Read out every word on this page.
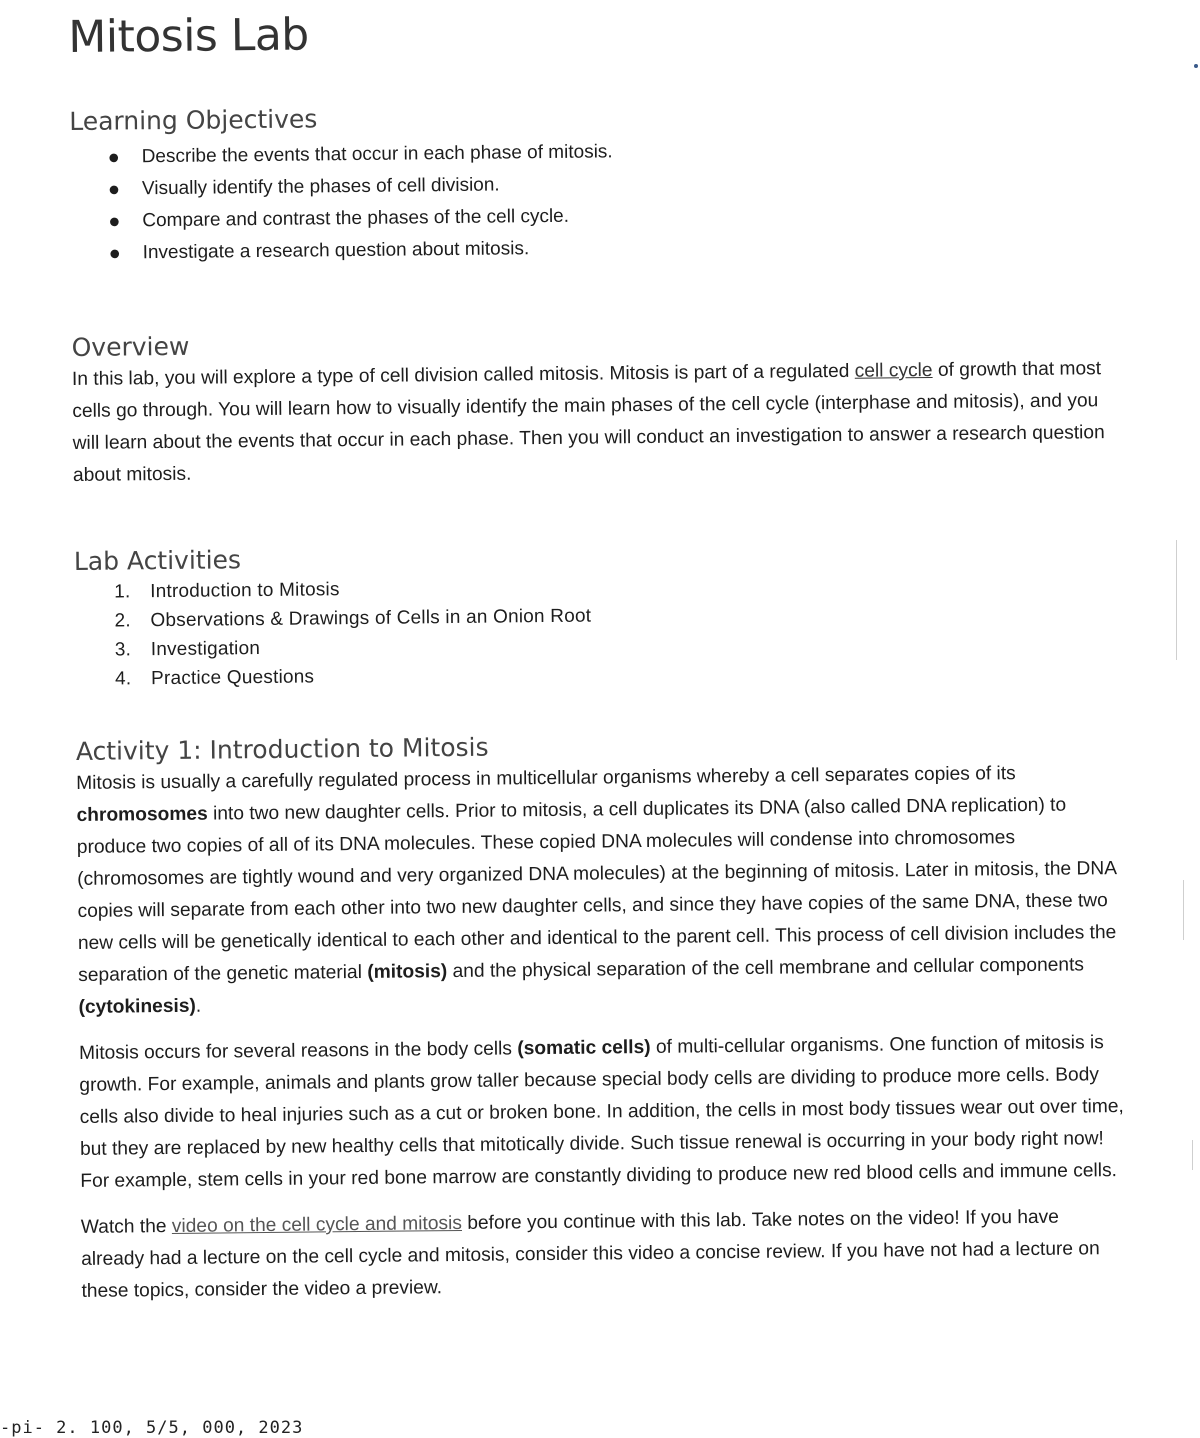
Mitosis Lab
Learning Objectives
● Describe the events that occur in each phase of mitosis.
● Visually identify the phases of cell division.
● Compare and contrast the phases of the cell cycle.
● Investigate a research question about mitosis.
Overview

In this lab, you will explore a type of cell division called mitosis. Mitosis is part of a regulated cell cycle of growth that most cells go through. You will learn how to visually identify the main phases of the cell cycle (interphase and mitosis), and you will learn about the events that occur in each phase. Then you will conduct an investigation to answer a research question about mitosis.

Lab Activities
1. Introduction to Mitosis
2. Observations & Drawings of Cells in an Onion Root
3. Investigation
4. Practice Questions
Activity 1: Introduction to Mitosis

Mitosis is usually a carefully regulated process in multicellular organisms whereby a cell separates copies of its chromosomes into two new daughter cells. Prior to mitosis, a cell duplicates its DNA (also called DNA replication) to produce two copies of all of its DNA molecules. These copied DNA molecules will condense into chromosomes (chromosomes are tightly wound and very organized DNA molecules) at the beginning of mitosis. Later in mitosis, the DNA copies will separate from each other into two new daughter cells, and since they have copies of the same DNA, these two new cells will be genetically identical to each other and identical to the parent cell. This process of cell division includes the separation of the genetic material (mitosis) and the physical separation of the cell membrane and cellular components (cytokinesis).

Mitosis occurs for several reasons in the body cells (somatic cells) of multi-cellular organisms. One function of mitosis is growth. For example, animals and plants grow taller because special body cells are dividing to produce more cells. Body cells also divide to heal injuries such as a cut or broken bone. In addition, the cells in most body tissues wear out over time, but they are replaced by new healthy cells that mitotically divide. Such tissue renewal is occurring in your body right now! For example, stem cells in your red bone marrow are constantly dividing to produce new red blood cells and immune cells.

Watch the video on the cell cycle and mitosis before you continue with this lab. Take notes on the video! If you have already had a lecture on the cell cycle and mitosis, consider this video a concise review. If you have not had a lecture on these topics, consider the video a preview.

-pi- 2. 100, 5/5, 000, 2023
